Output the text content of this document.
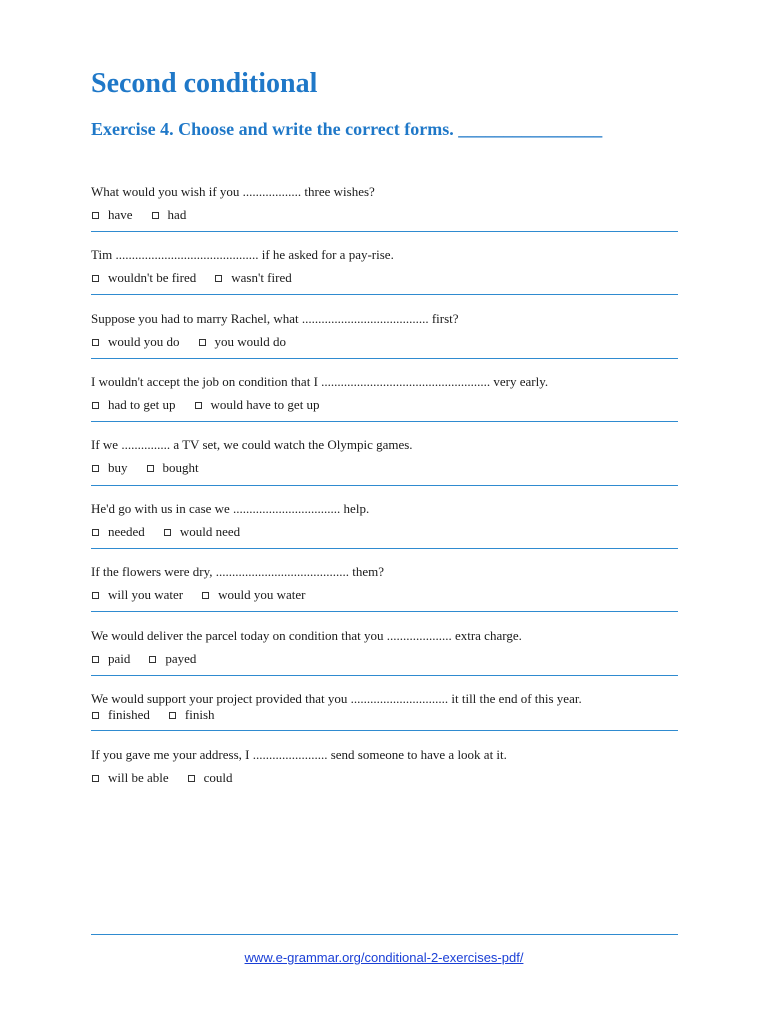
Second conditional
Exercise 4. Choose and write the correct forms. ________________
What would you wish if you .................. three wishes?
have	had
Tim ............................................ if he asked for a pay-rise.
wouldn't be fired	wasn't fired
Suppose you had to marry Rachel, what ....................................... first?
would you do	you would do
I wouldn't accept the job on condition that I .................................................... very early.
had to get up	would have to get up
If we ............... a TV set, we could watch the Olympic games.
buy	bought
He'd go with us in case we ................................. help.
needed	would need
If the flowers were dry, ......................................... them?
will you water	would you water
We would deliver the parcel today on condition that you .................... extra charge.
paid	payed
We would support your project provided that you .............................. it till the end of this year.
finished	finish
If you gave me your address, I ....................... send someone to have a look at it.
will be able	could
www.e-grammar.org/conditional-2-exercises-pdf/
